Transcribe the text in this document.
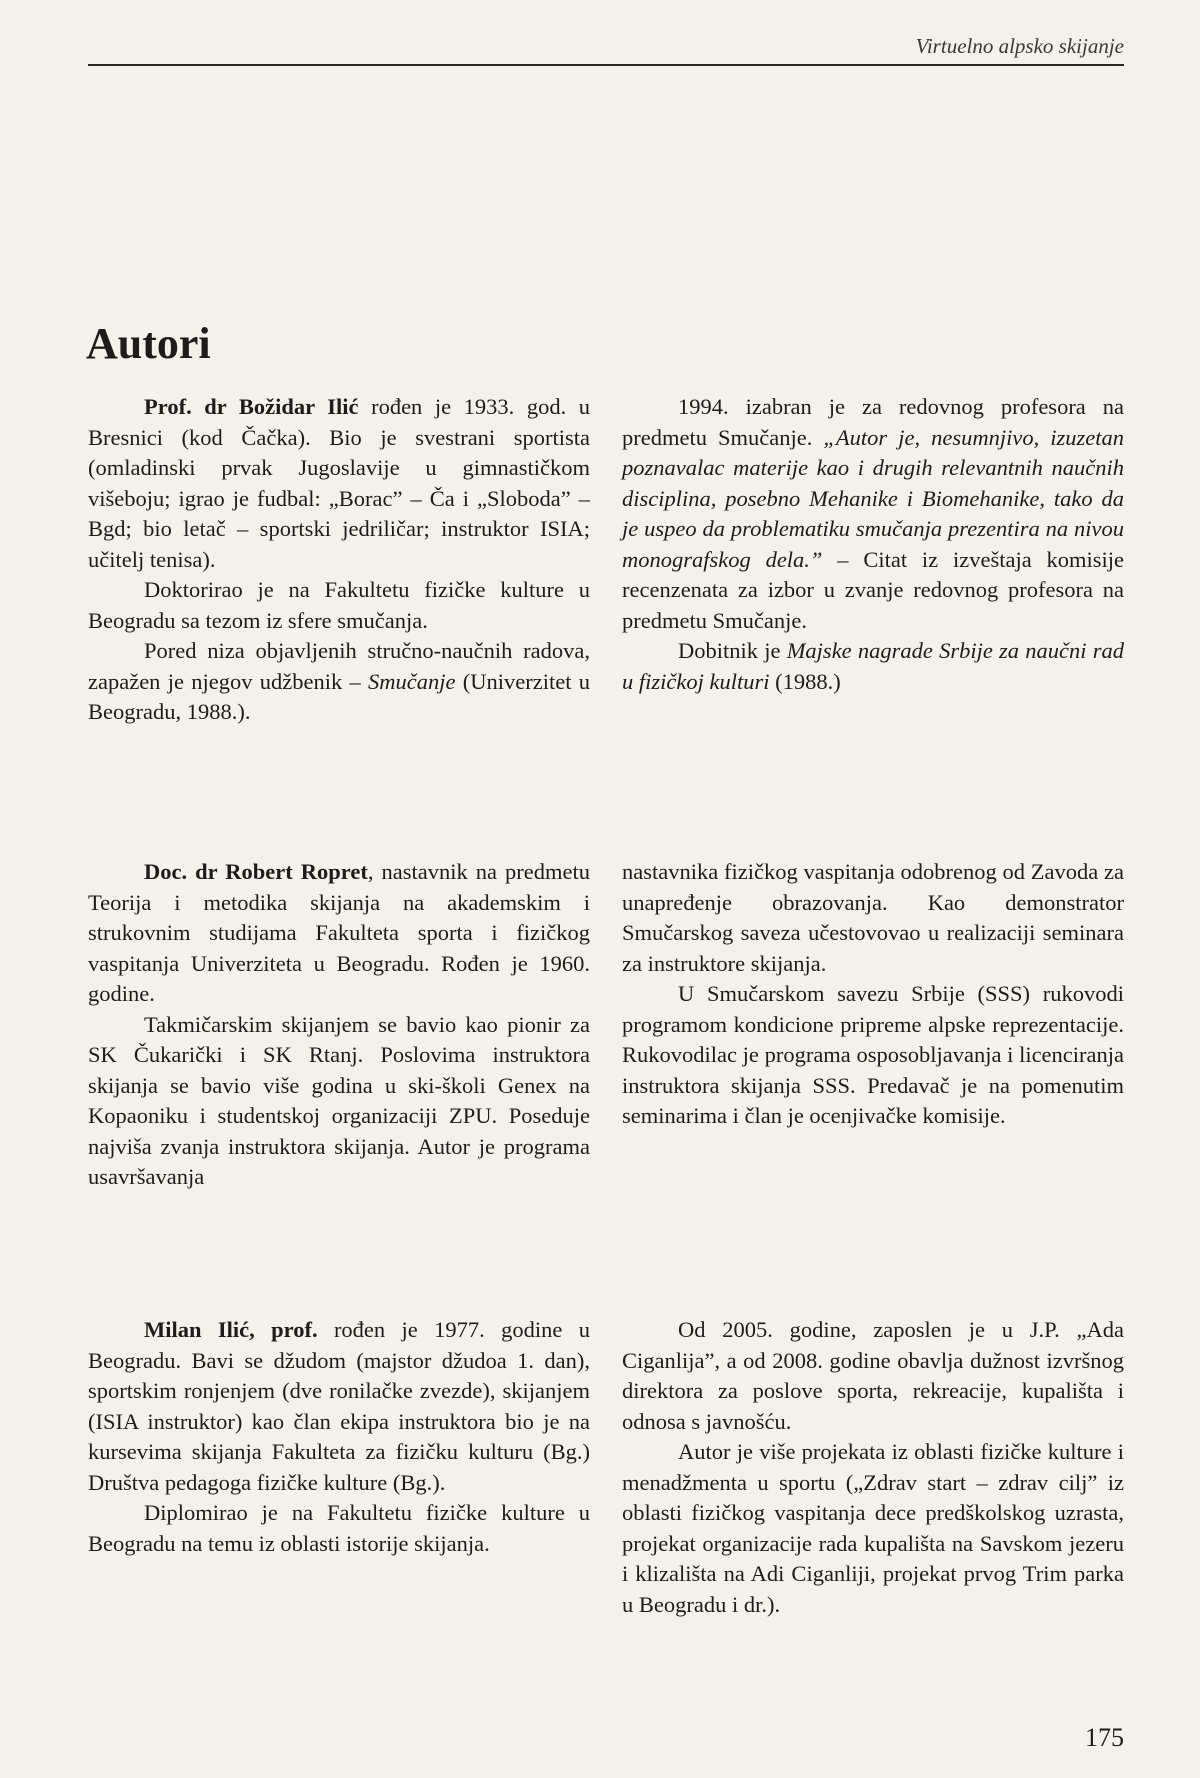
Virtuelno alpsko skijanje
Autori

Prof. dr Božidar Ilić rođen je 1933. god. u Bresnici (kod Čačka). Bio je svestrani sportista (omladinski prvak Jugoslavije u gimnastičkom višeboju; igrao je fudbal: „Borac” – Ča i „Sloboda” – Bgd; bio letač – sportski jedriličar; instruktor ISIA; učitelj tenisa).

Doktorirao je na Fakultetu fizičke kulture u Beogradu sa tezom iz sfere smučanja.

Pored niza objavljenih stručno-naučnih radova, zapažen je njegov udžbenik – Smučanje (Univerzitet u Beogradu, 1988.).

1994. izabran je za redovnog profesora na predmetu Smučanje. „Autor je, nesumnjivo, izuzetan poznavalac materije kao i drugih relevantnih naučnih disciplina, posebno Mehanike i Biomehanike, tako da je uspeo da problematiku smučanja prezentira na nivou monografskog dela.” – Citat iz izveštaja komisije recenzenata za izbor u zvanje redovnog profesora na predmetu Smučanje.

Dobitnik je Majske nagrade Srbije za naučni rad u fizičkoj kulturi (1988.)

Doc. dr Robert Ropret, nastavnik na predmetu Teorija i metodika skijanja na akademskim i strukovnim studijama Fakulteta sporta i fizičkog vaspitanja Univerziteta u Beogradu. Rođen je 1960. godine.

Takmičarskim skijanjem se bavio kao pionir za SK Čukarički i SK Rtanj. Poslovima instruktora skijanja se bavio više godina u ski-školi Genex na Kopaoniku i studentskoj organizaciji ZPU. Poseduje najviša zvanja instruktora skijanja. Autor je programa usavršavanja

nastavnika fizičkog vaspitanja odobrenog od Zavoda za unapređenje obrazovanja. Kao demonstrator Smučarskog saveza učestovovao u realizaciji seminara za instruktore skijanja.

U Smučarskom savezu Srbije (SSS) rukovodi programom kondicione pripreme alpske reprezentacije. Rukovodilac je programa osposobljavanja i licenciranja instruktora skijanja SSS. Predavač je na pomenutim seminarima i član je ocenjivačke komisije.

Milan Ilić, prof. rođen je 1977. godine u Beogradu. Bavi se džudom (majstor džudoa 1. dan), sportskim ronjenjem (dve ronilačke zvezde), skijanjem (ISIA instruktor) kao član ekipa instruktora bio je na kursevima skijanja Fakulteta za fizičku kulturu (Bg.) Društva pedagoga fizičke kulture (Bg.).

Diplomirao je na Fakultetu fizičke kulture u Beogradu na temu iz oblasti istorije skijanja.

Od 2005. godine, zaposlen je u J.P. „Ada Ciganlija”, a od 2008. godine obavlja dužnost izvršnog direktora za poslove sporta, rekreacije, kupališta i odnosa s javnošću.

Autor je više projekata iz oblasti fizičke kulture i menadžmenta u sportu („Zdrav start – zdrav cilj” iz oblasti fizičkog vaspitanja dece predškolskog uzrasta, projekat organizacije rada kupališta na Savskom jezeru i klizališta na Adi Ciganliji, projekat prvog Trim parka u Beogradu i dr.).

175
